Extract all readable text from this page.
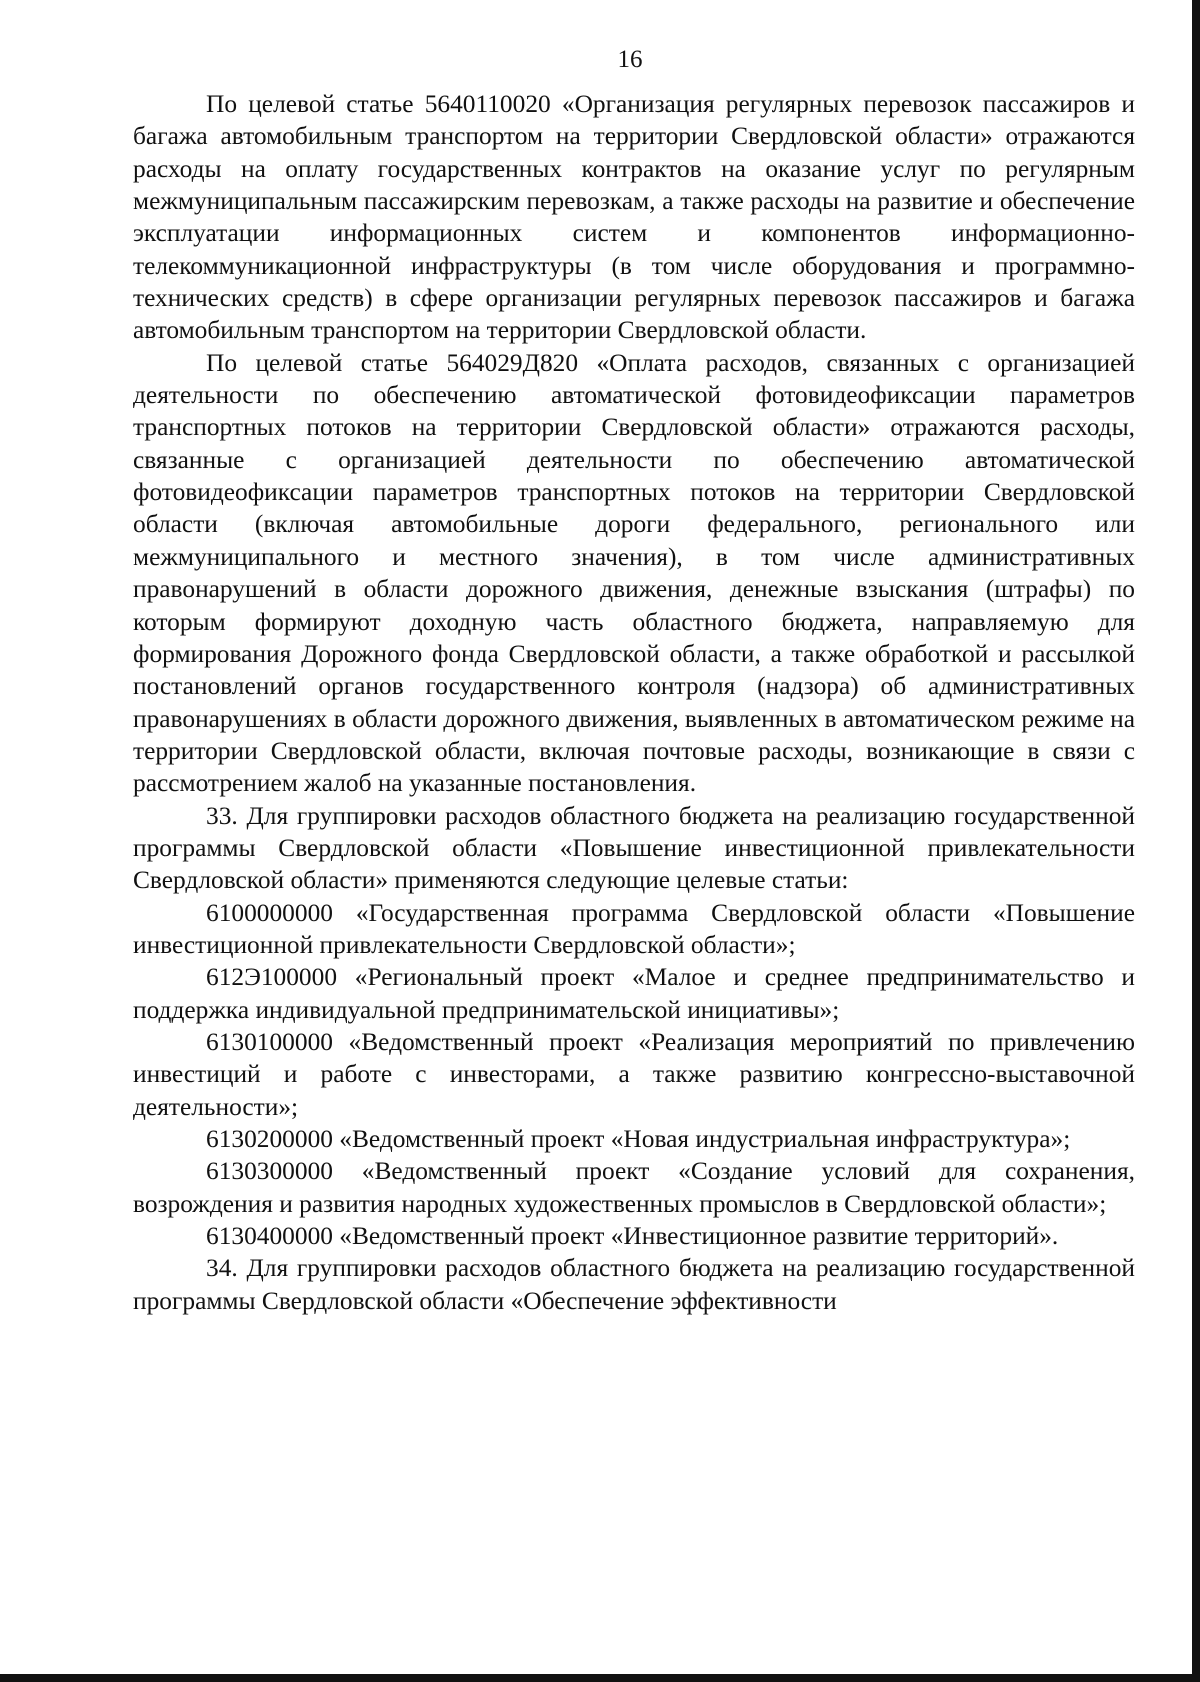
16

По целевой статье 5640110020 «Организация регулярных перевозок пассажиров и багажа автомобильным транспортом на территории Свердловской области» отражаются расходы на оплату государственных контрактов на оказание услуг по регулярным межмуниципальным пассажирским перевозкам, а также расходы на развитие и обеспечение эксплуатации информационных систем и компонентов информационно-телекоммуникационной инфраструктуры (в том числе оборудования и программно-технических средств) в сфере организации регулярных перевозок пассажиров и багажа автомобильным транспортом на территории Свердловской области.

По целевой статье 564029Д820 «Оплата расходов, связанных с организацией деятельности по обеспечению автоматической фотовидеофиксации параметров транспортных потоков на территории Свердловской области» отражаются расходы, связанные с организацией деятельности по обеспечению автоматической фотовидеофиксации параметров транспортных потоков на территории Свердловской области (включая автомобильные дороги федерального, регионального или межмуниципального и местного значения), в том числе административных правонарушений в области дорожного движения, денежные взыскания (штрафы) по которым формируют доходную часть областного бюджета, направляемую для формирования Дорожного фонда Свердловской области, а также обработкой и рассылкой постановлений органов государственного контроля (надзора) об административных правонарушениях в области дорожного движения, выявленных в автоматическом режиме на территории Свердловской области, включая почтовые расходы, возникающие в связи с рассмотрением жалоб на указанные постановления.

33. Для группировки расходов областного бюджета на реализацию государственной программы Свердловской области «Повышение инвестиционной привлекательности Свердловской области» применяются следующие целевые статьи:

6100000000 «Государственная программа Свердловской области «Повышение инвестиционной привлекательности Свердловской области»;

612Э100000 «Региональный проект «Малое и среднее предпринимательство и поддержка индивидуальной предпринимательской инициативы»;

6130100000 «Ведомственный проект «Реализация мероприятий по привлечению инвестиций и работе с инвесторами, а также развитию конгрессно-выставочной деятельности»;

6130200000 «Ведомственный проект «Новая индустриальная инфраструктура»;

6130300000 «Ведомственный проект «Создание условий для сохранения, возрождения и развития народных художественных промыслов в Свердловской области»;

6130400000 «Ведомственный проект «Инвестиционное развитие территорий».

34. Для группировки расходов областного бюджета на реализацию государственной программы Свердловской области «Обеспечение эффективности
